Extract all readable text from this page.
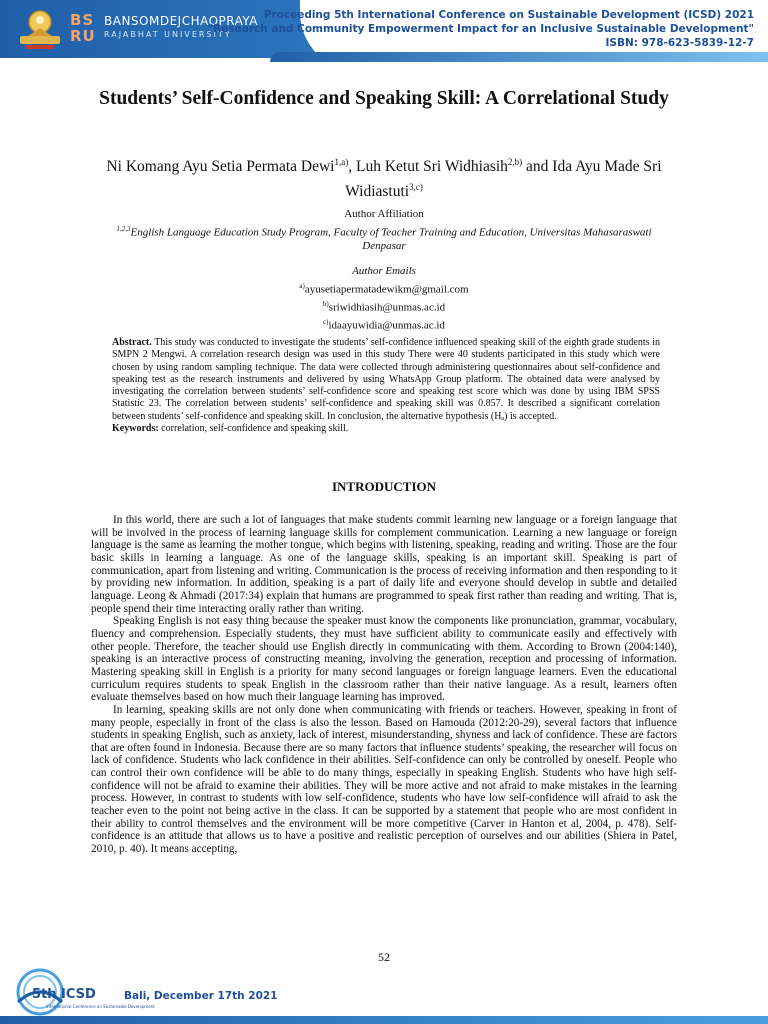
BS RU
BANSOMDEJCHAOPRAYA
RAJABHAT UNIVERSITY
Proceeding 5th International Conference on Sustainable Development (ICSD) 2021
"Research and Community Empowerment Impact for an Inclusive Sustainable Development"
ISBN: 978-623-5839-12-7
Students’ Self-Confidence and Speaking Skill: A Correlational Study
Ni Komang Ayu Setia Permata Dewi$^{1,a)}$, Luh Ketut Sri Widhiasih$^{2,b)}$ and Ida Ayu Made Sri Widiastuti$^{3,c)}$
Author Affiliation
$^{1,2,3}$English Language Education Study Program, Faculty of Teacher Training and Education, Universitas Mahasaraswati Denpasar
Author Emails
$^{a)}$ayusetiapermatadewikm@gmail.com
$^{b)}$sriwidhiasih@unmas.ac.id
$^{c)}$idaayuwidia@unmas.ac.id
Abstract. This study was conducted to investigate the students’ self-confidence influenced speaking skill of the eighth grade students in SMPN 2 Mengwi. A correlation research design was used in this study There were 40 students participated in this study which were chosen by using random sampling technique. The data were collected through administering questionnaires about self-confidence and speaking test as the research instruments and delivered by using WhatsApp Group platform. The obtained data were analysed by investigating the correlation between students’ self-confidence score and speaking test score which was done by using IBM SPSS Statistic 23. The correlation between students’ self-confidence and speaking skill was 0.857. It described a significant correlation between students’ self-confidence and speaking skill. In conclusion, the alternative hypothesis (Hₐ) is accepted.
Keywords: correlation, self-confidence and speaking skill.
INTRODUCTION

In this world, there are such a lot of languages that make students commit learning new language or a foreign language that will be involved in the process of learning language skills for complement communication. Learning a new language or foreign language is the same as learning the mother tongue, which begins with listening, speaking, reading and writing. Those are the four basic skills in learning a language. As one of the language skills, speaking is an important skill. Speaking is part of communication, apart from listening and writing. Communication is the process of receiving information and then responding to it by providing new information. In addition, speaking is a part of daily life and everyone should develop in subtle and detailed language. Leong & Ahmadi (2017:34) explain that humans are programmed to speak first rather than reading and writing. That is, people spend their time interacting orally rather than writing.

Speaking English is not easy thing because the speaker must know the components like pronunciation, grammar, vocabulary, fluency and comprehension. Especially students, they must have sufficient ability to communicate easily and effectively with other people. Therefore, the teacher should use English directly in communicating with them. According to Brown (2004:140), speaking is an interactive process of constructing meaning, involving the generation, reception and processing of information. Mastering speaking skill in English is a priority for many second languages or foreign language learners. Even the educational curriculum requires students to speak English in the classroom rather than their native language. As a result, learners often evaluate themselves based on how much their language learning has improved.

In learning, speaking skills are not only done when communicating with friends or teachers. However, speaking in front of many people, especially in front of the class is also the lesson. Based on Hamouda (2012:20-29), several factors that influence students in speaking English, such as anxiety, lack of interest, misunderstanding, shyness and lack of confidence. These are factors that are often found in Indonesia. Because there are so many factors that influence students’ speaking, the researcher will focus on lack of confidence. Students who lack confidence in their abilities. Self-confidence can only be controlled by oneself. People who can control their own confidence will be able to do many things, especially in speaking English. Students who have high self-confidence will not be afraid to examine their abilities. They will be more active and not afraid to make mistakes in the learning process. However, in contrast to students with low self-confidence, students who have low self-confidence will afraid to ask the teacher even to the point not being active in the class. It can be supported by a statement that people who are most confident in their ability to control themselves and the environment will be more competitive (Carver in Hanton et al, 2004, p. 478). Self-confidence is an attitude that allows us to have a positive and realistic perception of ourselves and our abilities (Shiera in Patel, 2010, p. 40). It means accepting,

52
5th ICSD
International Conference on Sustainable Development
Bali, December 17th 2021
